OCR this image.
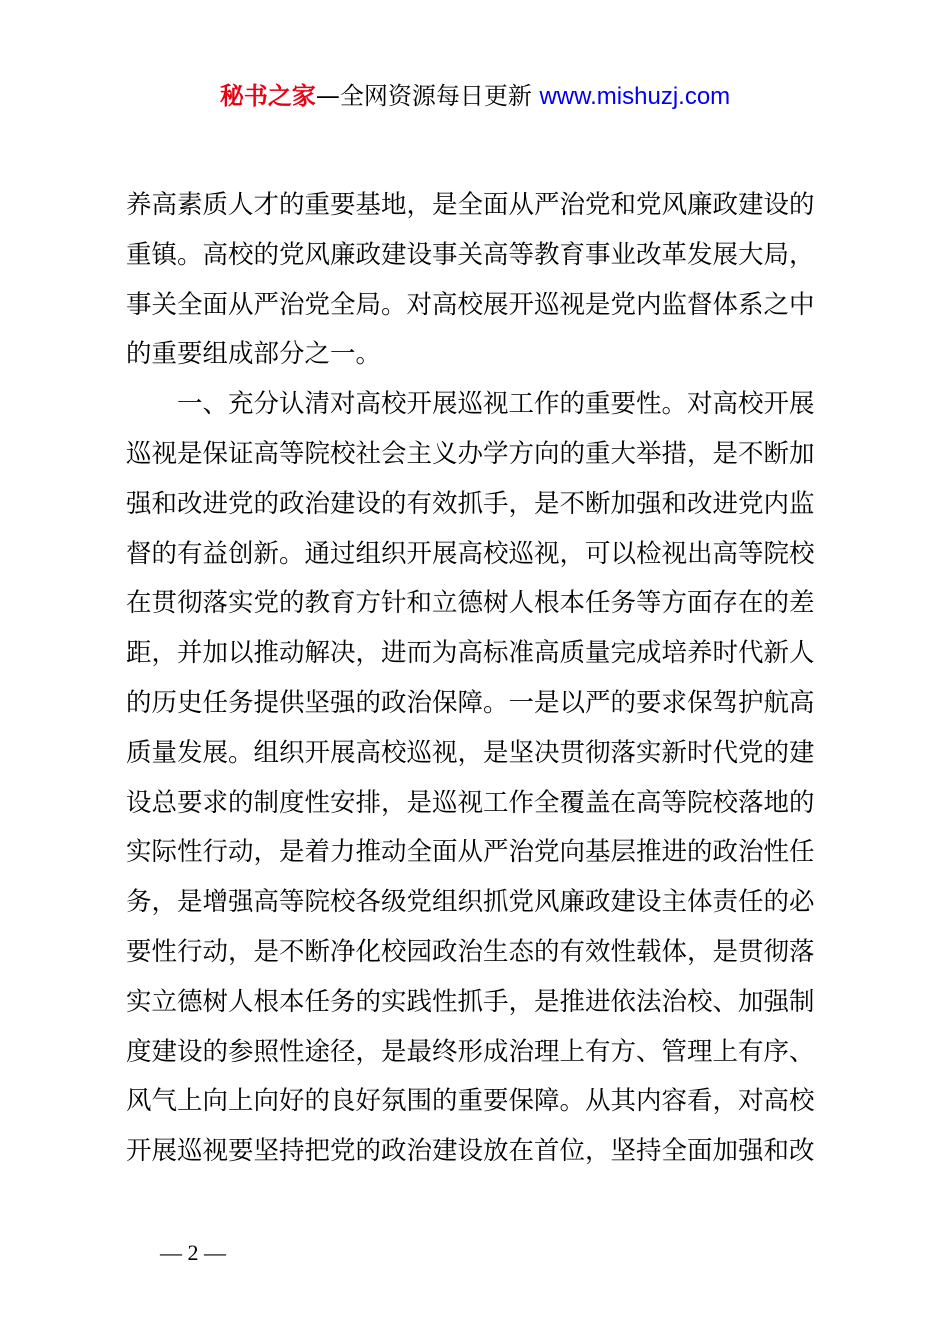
秘书之家—全网资源每日更新 www.mishuzj.com
养高素质人才的重要基地，是全面从严治党和党风廉政建设的
重镇。高校的党风廉政建设事关高等教育事业改革发展大局，
事关全面从严治党全局。对高校展开巡视是党内监督体系之中
的重要组成部分之一。
　　一、充分认清对高校开展巡视工作的重要性。对高校开展
巡视是保证高等院校社会主义办学方向的重大举措，是不断加
强和改进党的政治建设的有效抓手，是不断加强和改进党内监
督的有益创新。通过组织开展高校巡视，可以检视出高等院校
在贯彻落实党的教育方针和立德树人根本任务等方面存在的差
距，并加以推动解决，进而为高标准高质量完成培养时代新人
的历史任务提供坚强的政治保障。一是以严的要求保驾护航高
质量发展。组织开展高校巡视，是坚决贯彻落实新时代党的建
设总要求的制度性安排，是巡视工作全覆盖在高等院校落地的
实际性行动，是着力推动全面从严治党向基层推进的政治性任
务，是增强高等院校各级党组织抓党风廉政建设主体责任的必
要性行动，是不断净化校园政治生态的有效性载体，是贯彻落
实立德树人根本任务的实践性抓手，是推进依法治校、加强制
度建设的参照性途径，是最终形成治理上有方、管理上有序、
风气上向上向好的良好氛围的重要保障。从其内容看，对高校
开展巡视要坚持把党的政治建设放在首位，坚持全面加强和改
— 2 —
